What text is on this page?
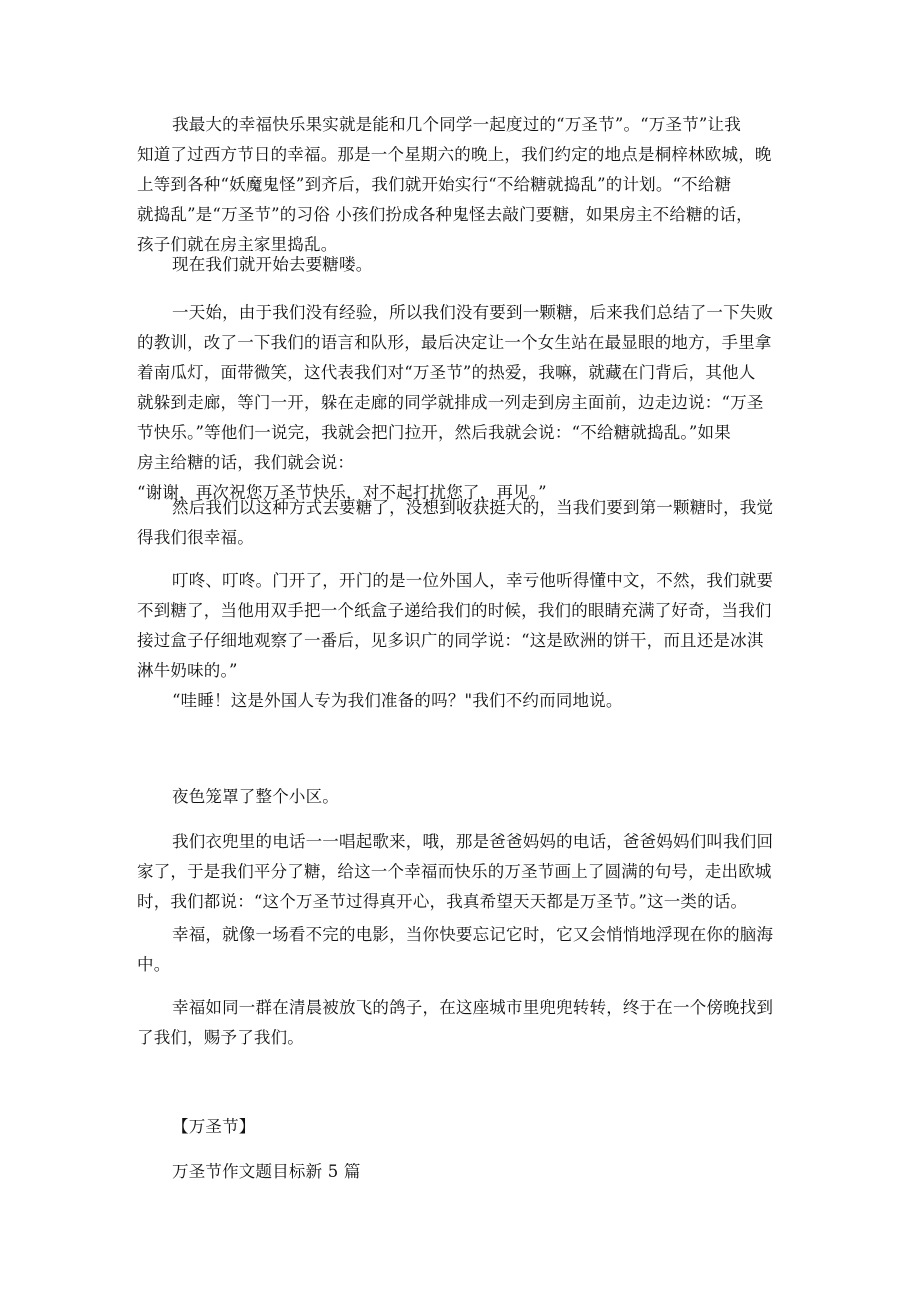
我最大的幸福快乐果实就是能和几个同学一起度过的“万圣节”。“万圣节”让我
知道了过西方节日的幸福。那是一个星期六的晚上，我们约定的地点是桐梓林欧城，晚
上等到各种“妖魔鬼怪”到齐后，我们就开始实行“不给糖就捣乱”的计划。“不给糖
就捣乱”是“万圣节”的习俗 小孩们扮成各种鬼怪去敲门要糖，如果房主不给糖的话，
孩子们就在房主家里捣乱。
现在我们就开始去要糖喽。
一天始，由于我们没有经验，所以我们没有要到一颗糖，后来我们总结了一下失败
的教训，改了一下我们的语言和队形，最后决定让一个女生站在最显眼的地方，手里拿
着南瓜灯，面带微笑，这代表我们对“万圣节”的热爱，我嘛，就藏在门背后，其他人
就躲到走廊，等门一开，躲在走廊的同学就排成一列走到房主面前，边走边说：“万圣
节快乐。”等他们一说完，我就会把门拉开，然后我就会说：“不给糖就捣乱。”如果
房主给糖的话，我们就会说：
“谢谢，再次祝您万圣节快乐，对不起打扰您了，再见。”
然后我们以这种方式去要糖了，没想到收获挺大的，当我们要到第一颗糖时，我觉
得我们很幸福。
叮咚、叮咚。门开了，开门的是一位外国人，幸亏他听得懂中文，不然，我们就要
不到糖了，当他用双手把一个纸盒子递给我们的时候，我们的眼睛充满了好奇，当我们
接过盒子仔细地观察了一番后，见多识广的同学说：“这是欧洲的饼干，而且还是冰淇
淋牛奶味的。”
“哇睡！这是外国人专为我们准备的吗？"我们不约而同地说。
夜色笼罩了整个小区。
我们衣兜里的电话一一唱起歌来，哦，那是爸爸妈妈的电话，爸爸妈妈们叫我们回
家了，于是我们平分了糖，给这一个幸福而快乐的万圣节画上了圆满的句号，走出欧城
时，我们都说：“这个万圣节过得真开心，我真希望天天都是万圣节。”这一类的话。
幸福，就像一场看不完的电影，当你快要忘记它时，它又会悄悄地浮现在你的脑海
中。
幸福如同一群在清晨被放飞的鸽子，在这座城市里兜兜转转，终于在一个傍晚找到
了我们，赐予了我们。
【万圣节】
万圣节作文题目标新 5 篇
